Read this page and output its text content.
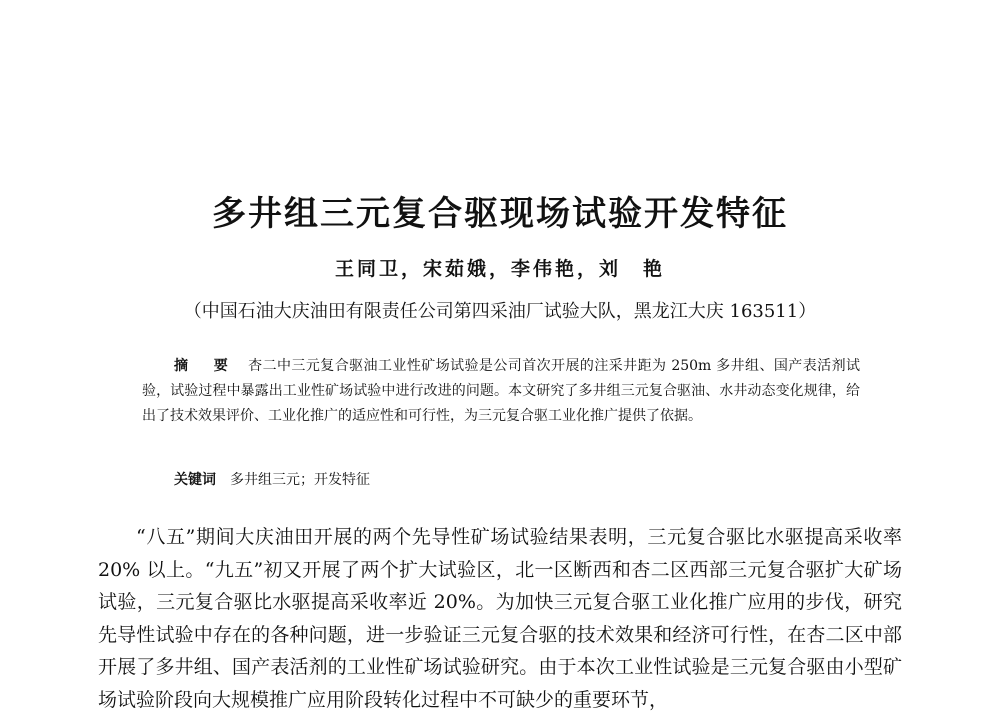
多井组三元复合驱现场试验开发特征
王同卫，宋茹娥，李伟艳，刘　艳
（中国石油大庆油田有限责任公司第四采油厂试验大队，黑龙江大庆 163511）
摘 要 杏二中三元复合驱油工业性矿场试验是公司首次开展的注采井距为 250m 多井组、国产表活剂试验，试验过程中暴露出工业性矿场试验中进行改进的问题。本文研究了多井组三元复合驱油、水井动态变化规律，给出了技术效果评价、工业化推广的适应性和可行性，为三元复合驱工业化推广提供了依据。
关键词 多井组三元；开发特征

“八五”期间大庆油田开展的两个先导性矿场试验结果表明，三元复合驱比水驱提高采收率 20% 以上。“九五”初又开展了两个扩大试验区，北一区断西和杏二区西部三元复合驱扩大矿场试验，三元复合驱比水驱提高采收率近 20%。为加快三元复合驱工业化推广应用的步伐，研究先导性试验中存在的各种问题，进一步验证三元复合驱的技术效果和经济可行性，在杏二区中部开展了多井组、国产表活剂的工业性矿场试验研究。由于本次工业性试验是三元复合驱由小型矿场试验阶段向大规模推广应用阶段转化过程中不可缺少的重要环节，
